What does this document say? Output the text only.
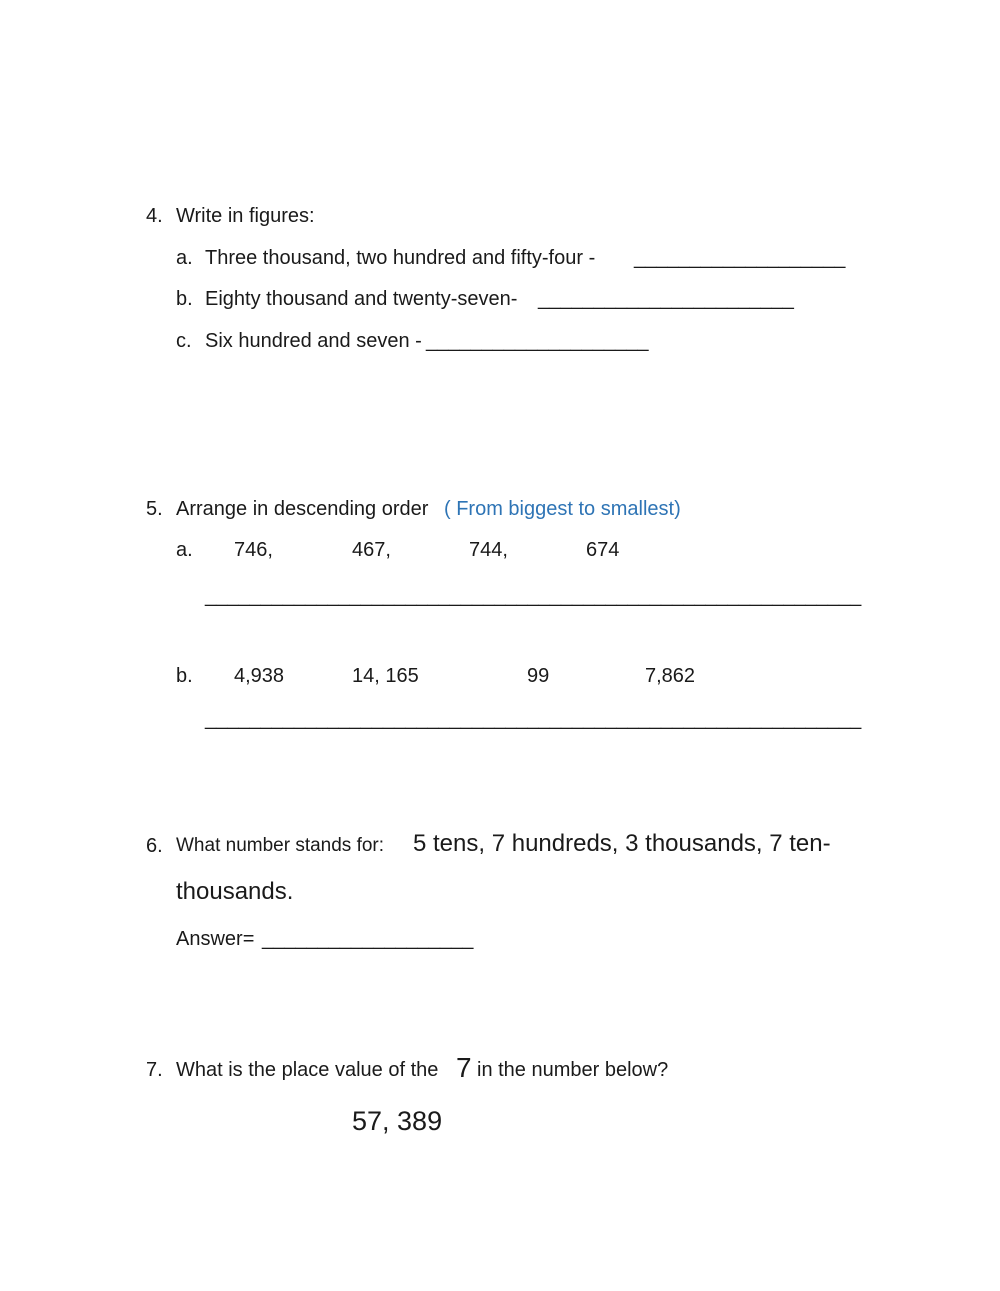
4. Write in figures:
a. Three thousand, two hundred and fifty-four - ___________________
b. Eighty thousand and twenty-seven- _______________________
c. Six hundred and seven - ____________________
5. Arrange in descending order ( From biggest to smallest)
a. 746,	467,	744,	674
___________________________________________________________
b. 4,938	14, 165	99	7,862
___________________________________________________________
6. What number stands for: 5 tens, 7 hundreds, 3 thousands, 7 ten-
thousands.
Answer= ___________________
7. What is the place value of the 7 in the number below?
57, 389
